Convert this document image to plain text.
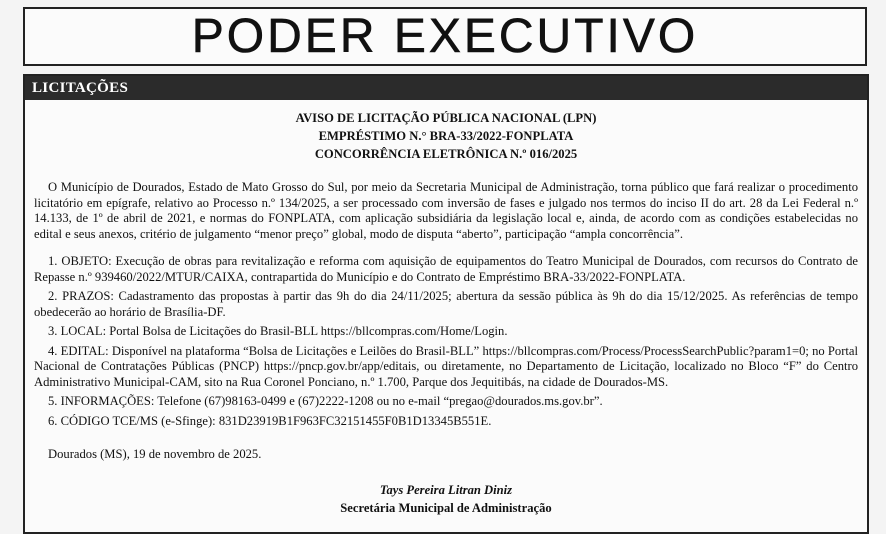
PODER EXECUTIVO
LICITAÇÕES
AVISO DE LICITAÇÃO PÚBLICA NACIONAL (LPN)
EMPRÉSTIMO N.° BRA-33/2022-FONPLATA
CONCORRÊNCIA ELETRÔNICA N.º 016/2025

O Município de Dourados, Estado de Mato Grosso do Sul, por meio da Secretaria Municipal de Administração, torna público que fará realizar o procedimento licitatório em epígrafe, relativo ao Processo n.º 134/2025, a ser processado com inversão de fases e julgado nos termos do inciso II do art. 28 da Lei Federal n.º 14.133, de 1º de abril de 2021, e normas do FONPLATA, com aplicação subsidiária da legislação local e, ainda, de acordo com as condições estabelecidas no edital e seus anexos, critério de julgamento “menor preço” global, modo de disputa “aberto”, participação “ampla concorrência”.

1. OBJETO: Execução de obras para revitalização e reforma com aquisição de equipamentos do Teatro Municipal de Dourados, com recursos do Contrato de Repasse n.º 939460/2022/MTUR/CAIXA, contrapartida do Município e do Contrato de Empréstimo BRA-33/2022-FONPLATA.

2. PRAZOS: Cadastramento das propostas à partir das 9h do dia 24/11/2025; abertura da sessão pública às 9h do dia 15/12/2025. As referências de tempo obedecerão ao horário de Brasília-DF.

3. LOCAL: Portal Bolsa de Licitações do Brasil-BLL https://bllcompras.com/Home/Login.

4. EDITAL: Disponível na plataforma “Bolsa de Licitações e Leilões do Brasil-BLL” https://bllcompras.com/Process/ProcessSearchPublic?param1=0; no Portal Nacional de Contratações Públicas (PNCP) https://pncp.gov.br/app/editais, ou diretamente, no Departamento de Licitação, localizado no Bloco “F” do Centro Administrativo Municipal-CAM, sito na Rua Coronel Ponciano, n.º 1.700, Parque dos Jequitibás, na cidade de Dourados-MS.

5. INFORMAÇÕES: Telefone (67)98163-0499 e (67)2222-1208 ou no e-mail “pregao@dourados.ms.gov.br”.

6. CÓDIGO TCE/MS (e-Sfinge): 831D23919B1F963FC32151455F0B1D13345B551E.

Dourados (MS), 19 de novembro de 2025.

Tays Pereira Litran Diniz
Secretária Municipal de Administração
